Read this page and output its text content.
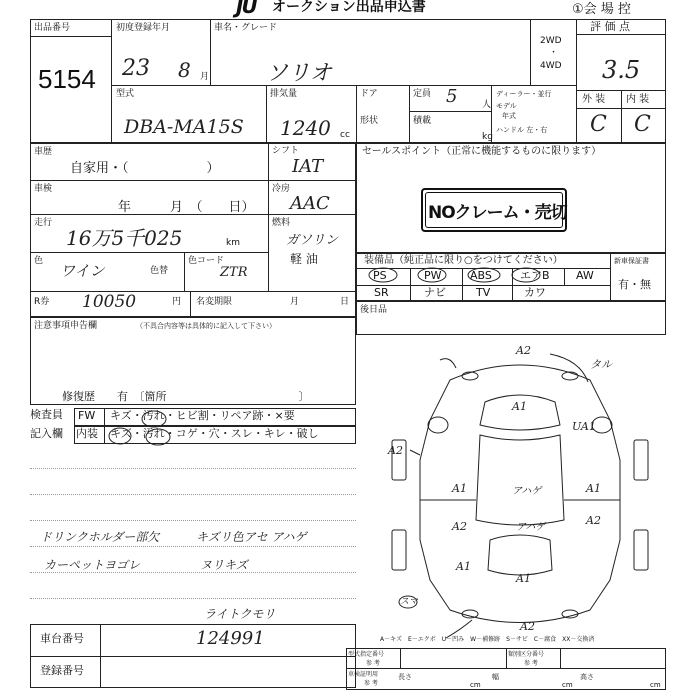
JU オークション出品申込書	①会 場 控
出品番号
5154
初度登録年月
23 8 月
車名・グレード
ソリオ
2WD
・
4WD
評 価 点
3.5
外 装 内 装
C C
型式
DBA-MA15S
排気量
1240 cc
ドア
形状
定員 5	人
積載
kg
ディーラー・並行
モデル
年式
ハンドル 左・右
車歴
自家用・（　　　　　　）
シフト
IAT
車検
年　　　月　（　　日）
冷房
AAC
走行
16万5千025	km
燃料
ガソリン
軽 油
色
ワイン	色替
色コード
ZTR
R券 10050	円 名変期限	月	日
注意事項申告欄	（不具合内容等は具体的に記入して下さい）
修復歴　　有　〔箇所　　　　　　　　　　　　〕
検査員 FW キズ・汚れ・ヒビ割・リペア跡・×要
記入欄 内装 キズ・汚れ・コゲ・穴・スレ・キレ・破し
ドリンクホルダー部欠
カーペットヨゴレ
キズリ色アセ アハゲ
ヌリキズ
ライトクモリ
セールスポイント（正常に機能するものに限ります）
NOクレーム・売切
装備品（純正品に限り○をつけてください）	新車保証書
有・無
PS	PW	ABS	エアB AW
SR	ナビ	TV	カワ
後日品
A2
タル
A1
UA1
A2
A1	アハゲ	A1
A2	A2
アハゲ
A1
A1
A2
スマ
A－キズ　E－エクボ　U－凹み　W－補修跡　S－サビ　C－腐食　XX－交換済
車台番号	124991
登録番号
型式指定番号
参 考
類別区分番号
参 考
車検証明用
参 考
長さ
cm
幅
cm
高さ
cm
